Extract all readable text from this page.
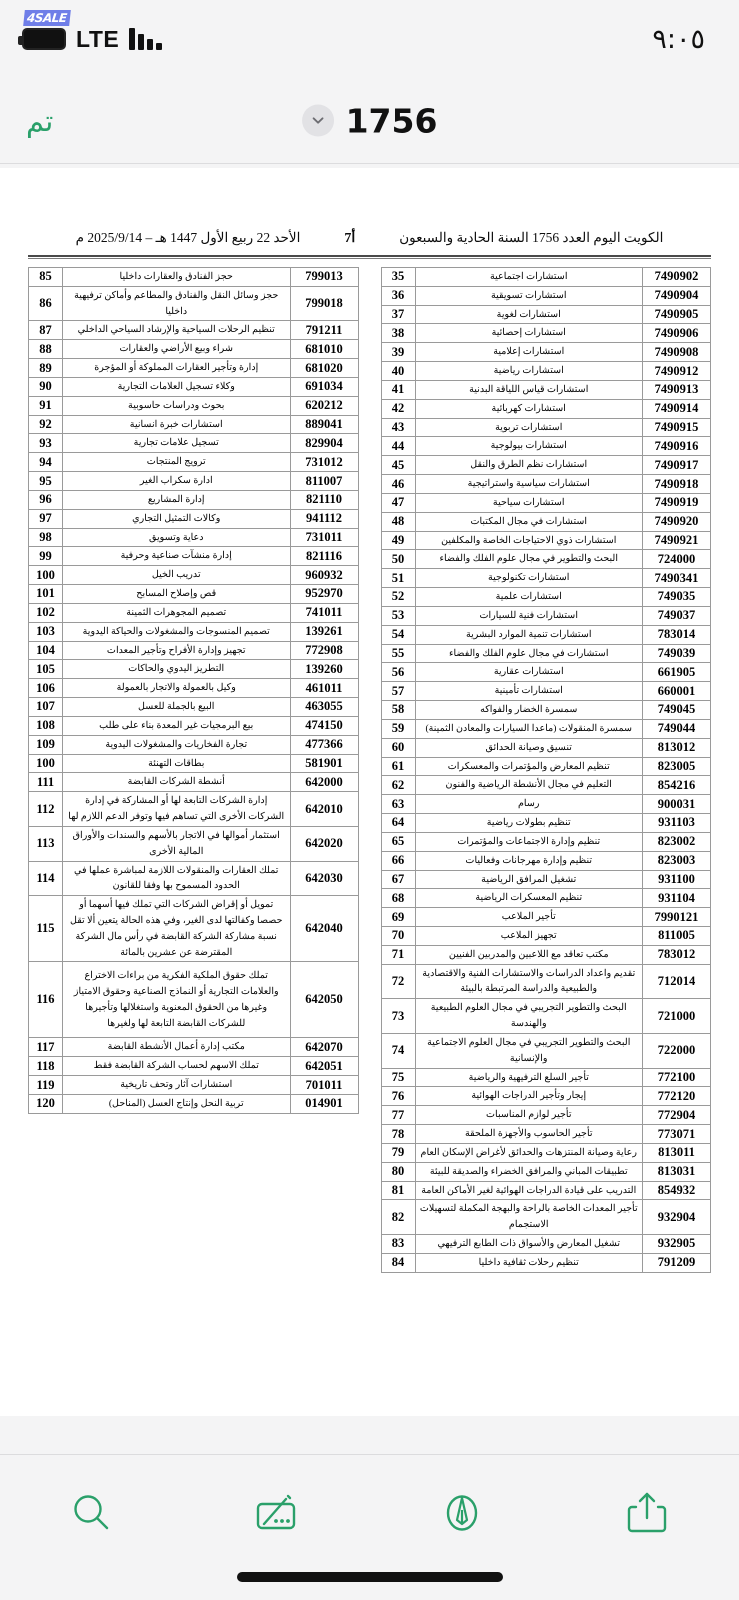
4SALE
LTE	٩:٠٥
تم	1756
الكويت اليوم العدد 1756 السنة الحادية والسبعون
أ7
الأحد 22 ربيع الأول 1447 هـ – 2025/9/14 م
7490902	استشارات اجتماعية	35
7490904	استشارات تسويقية	36
7490905	استشارات لغوية	37
7490906	استشارات إحصائية	38
7490908	استشارات إعلامية	39
7490912	استشارات رياضية	40
7490913	استشارات قياس اللياقة البدنية	41
7490914	استشارات كهربائية	42
7490915	استشارات تربوية	43
7490916	استشارات بيولوجية	44
7490917	استشارات نظم الطرق والنقل	45
7490918	استشارات سياسية واستراتيجية	46
7490919	استشارات سياحية	47
7490920	استشارات في مجال المكتبات	48
7490921	استشارات ذوي الاحتياجات الخاصة والمكلفين	49
724000	البحث والتطوير في مجال علوم الفلك والفضاء	50
7490341	استشارات تكنولوجية	51
749035	استشارات علمية	52
749037	استشارات فنية للسيارات	53
783014	استشارات تنمية الموارد البشرية	54
749039	استشارات في مجال علوم الفلك والفضاء	55
661905	استشارات عقارية	56
660001	استشارات تأمينية	57
749045	سمسرة الخضار والفواكه	58
749044	سمسرة المنقولات (ماعدا السيارات والمعادن الثمينة)	59
813012	تنسيق وصيانة الحدائق	60
823005	تنظيم المعارض والمؤتمرات والمعسكرات	61
854216	التعليم في مجال الأنشطة الرياضية والفنون	62
900031	رسام	63
931103	تنظيم بطولات رياضية	64
823002	تنظيم وإدارة الاجتماعات والمؤتمرات	65
823003	تنظيم وإدارة مهرجانات وفعاليات	66
931100	تشغيل المرافق الرياضية	67
931104	تنظيم المعسكرات الرياضية	68
7990121	تأجير الملاعب	69
811005	تجهيز الملاعب	70
783012	مكتب تعاقد مع اللاعبين والمدربين الفنيين	71
712014	تقديم واعداد الدراسات والاستشارات الفنية والاقتصادية والطبيعية والدراسة المرتبطة بالبيئة	72
721000	البحث والتطوير التجريبي في مجال العلوم الطبيعية والهندسة	73
722000	البحث والتطوير التجريبي في مجال العلوم الاجتماعية والإنسانية	74
772100	تأجير السلع الترفيهية والرياضية	75
772120	إيجار وتأجير الدراجات الهوائية	76
772904	تأجير لوازم المناسبات	77
773071	تأجير الحاسوب والأجهزة الملحقة	78
813011	رعاية وصيانة المنتزهات والحدائق لأغراض الإسكان العام	79
813031	تطبيقات المباني والمرافق الخضراء والصديقة للبيئة	80
854932	التدريب على قيادة الدراجات الهوائية لغير الأماكن العامة	81
932904	تأجير المعدات الخاصة بالراحة والبهجة المكملة لتسهيلات الاستجمام	82
932905	تشغيل المعارض والأسواق ذات الطابع الترفيهي	83
791209	تنظيم رحلات ثقافية داخليا	84
799013	حجز الفنادق والعقارات داخليا	85
799018	حجز وسائل النقل والفنادق والمطاعم وأماكن ترفيهية داخليا	86
791211	تنظيم الرحلات السياحية والإرشاد السياحي الداخلي	87
681010	شراء وبيع الأراضي والعقارات	88
681020	إدارة وتأجير العقارات المملوكة أو المؤجرة	89
691034	وكلاء تسجيل العلامات التجارية	90
620212	بحوث ودراسات حاسوبية	91
889041	استشارات خبرة انسانية	92
829904	تسجيل علامات تجارية	93
731012	ترويج المنتجات	94
811007	ادارة سكراب الغير	95
821110	إدارة المشاريع	96
941112	وكالات التمثيل التجاري	97
731011	دعاية وتسويق	98
821116	إدارة منشآت صناعية وحرفية	99
960932	تدريب الخيل	100
952970	قص وإصلاح المسابح	101
741011	تصميم المجوهرات الثمينة	102
139261	تصميم المنسوجات والمشغولات والحياكة اليدوية	103
772908	تجهيز وإدارة الأفراح وتأجير المعدات	104
139260	التطريز اليدوي والحاكات	105
461011	وكيل بالعمولة والاتجار بالعمولة	106
463055	البيع بالجملة للعسل	107
474150	بيع البرمجيات غير المعدة بناء على طلب	108
477366	تجارة الفخاريات والمشغولات اليدوية	109
581901	بطاقات التهنئة	100
642000	أنشطة الشركات القابضة	111
642010	إدارة الشركات التابعة لها أو المشاركة في إدارة الشركات الأخرى التي تساهم فيها وتوفر الدعم اللازم لها	112
642020	استثمار أموالها في الاتجار بالأسهم والسندات والأوراق المالية الأخرى	113
642030	تملك العقارات والمنقولات اللازمة لمباشرة عملها في الحدود المسموح بها وفقا للقانون	114
642040	تمويل أو إقراض الشركات التي تملك فيها أسهما أو حصصا وكفالتها لدى الغير، وفي هذه الحالة يتعين ألا تقل نسبة مشاركة الشركة القابضة في رأس مال الشركة المقترضة عن عشرين بالمائة	115
642050	تملك حقوق الملكية الفكرية من براءات الاختراع والعلامات التجارية أو النماذج الصناعية وحقوق الامتياز وغيرها من الحقوق المعنوية واستغلالها وتأجيرها للشركات القابضة التابعة لها ولغيرها	116
642070	مكتب إدارة أعمال الأنشطة القابضة	117
642051	تملك الاسهم لحساب الشركة القابضة فقط	118
701011	استشارات آثار وتحف تاريخية	119
014901	تربية النحل وإنتاج العسل (المناحل)	120
